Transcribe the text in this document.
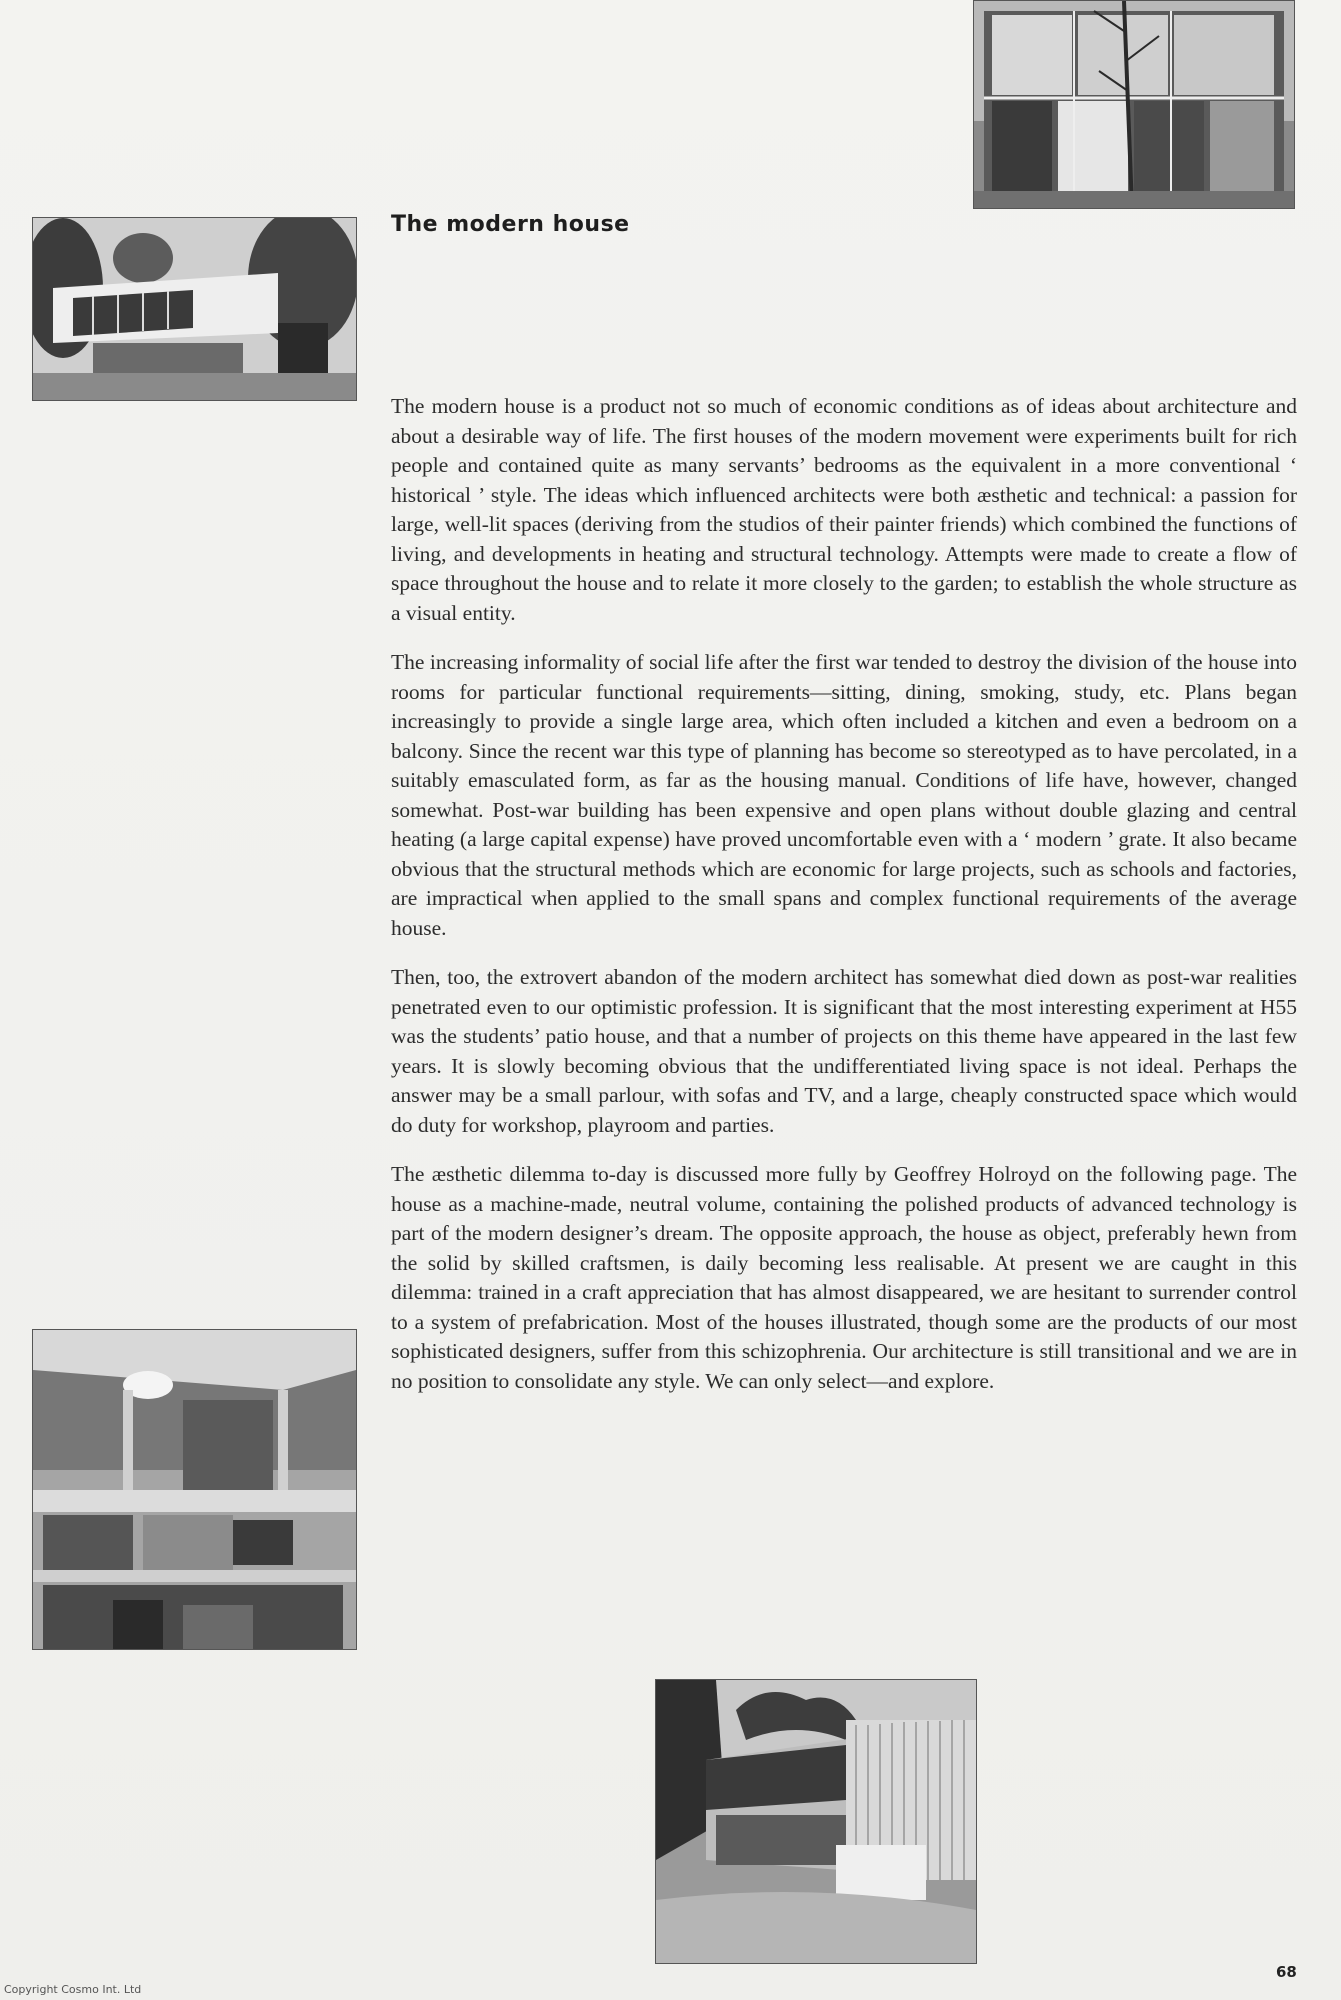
The modern house

The modern house is a product not so much of economic conditions as of ideas about architecture and about a desirable way of life. The first houses of the modern movement were experiments built for rich people and contained quite as many servants’ bedrooms as the equivalent in a more conventional ‘ historical ’ style. The ideas which influenced architects were both æsthetic and technical: a passion for large, well-lit spaces (deriving from the studios of their painter friends) which combined the functions of living, and developments in heating and structural technology. Attempts were made to create a flow of space throughout the house and to relate it more closely to the garden; to establish the whole structure as a visual entity.

The increasing informality of social life after the first war tended to destroy the division of the house into rooms for particular functional requirements—sitting, dining, smoking, study, etc. Plans began increasingly to provide a single large area, which often included a kitchen and even a bedroom on a balcony. Since the recent war this type of planning has become so stereotyped as to have percolated, in a suitably emasculated form, as far as the housing manual. Conditions of life have, however, changed somewhat. Post-war building has been expensive and open plans without double glazing and central heating (a large capital expense) have proved uncomfortable even with a ‘ modern ’ grate. It also became obvious that the structural methods which are economic for large projects, such as schools and factories, are impractical when applied to the small spans and complex functional requirements of the average house.

Then, too, the extrovert abandon of the modern architect has somewhat died down as post-war realities penetrated even to our optimistic profession. It is significant that the most interesting experiment at H55 was the students’ patio house, and that a number of projects on this theme have appeared in the last few years. It is slowly becoming obvious that the undifferentiated living space is not ideal. Perhaps the answer may be a small parlour, with sofas and TV, and a large, cheaply constructed space which would do duty for workshop, playroom and parties.

The æsthetic dilemma to-day is discussed more fully by Geoffrey Holroyd on the following page. The house as a machine-made, neutral volume, containing the polished products of advanced technology is part of the modern designer’s dream. The opposite approach, the house as object, preferably hewn from the solid by skilled craftsmen, is daily becoming less realisable. At present we are caught in this dilemma: trained in a craft appreciation that has almost disappeared, we are hesitant to surrender control to a system of prefabrication. Most of the houses illustrated, though some are the products of our most sophisticated designers, suffer from this schizophrenia. Our architecture is still transitional and we are in no position to consolidate any style. We can only select—and explore.

68
Copyright Cosmo Int. Ltd
